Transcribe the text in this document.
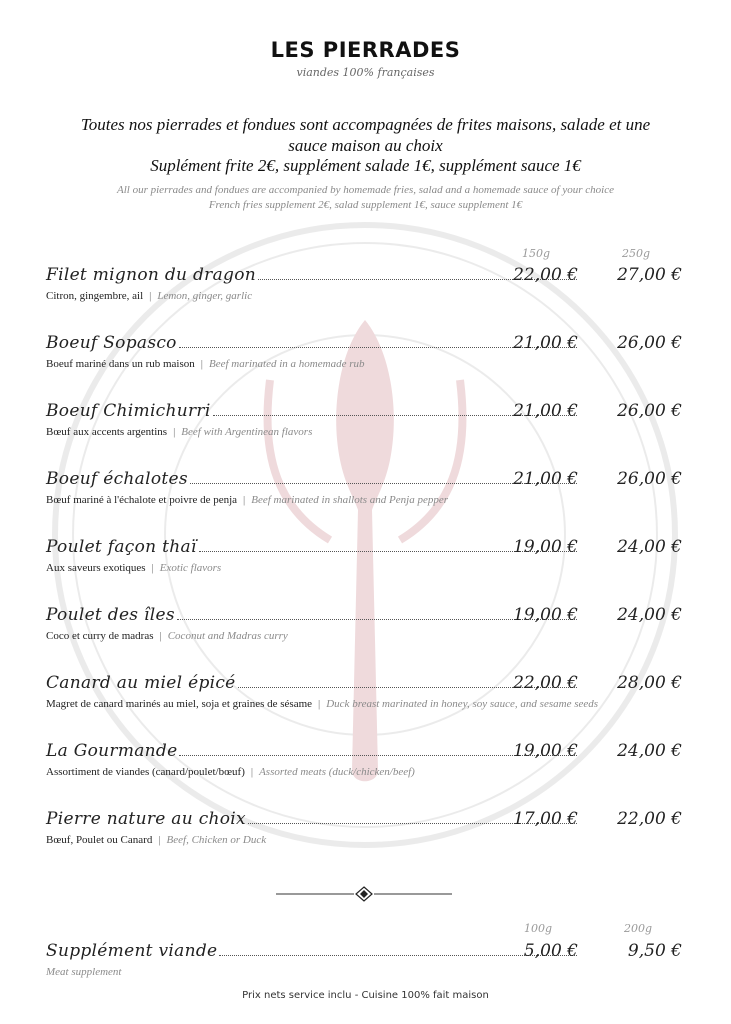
LES PIERRADES
viandes 100% françaises
Toutes nos pierrades et fondues sont accompagnées de frites maisons, salade et une
sauce maison au choix
Suplément frite 2€, supplément salade 1€, supplément sauce 1€
All our pierrades and fondues are accompanied by homemade fries, salad and a homemade sauce of your choice
French fries supplement 2€, salad supplement 1€, sauce supplement 1€
150g	250g
Filet mignon du dragon	22,00 € 27,00 €
Citron, gingembre, ail | Lemon, ginger, garlic
Boeuf Sopasco	21,00 € 26,00 €
Boeuf mariné dans un rub maison | Beef marinated in a homemade rub
Boeuf Chimichurri	21,00 € 26,00 €
Bœuf aux accents argentins | Beef with Argentinean flavors
Boeuf échalotes	21,00 € 26,00 €
Bœuf mariné à l'échalote et poivre de penja | Beef marinated in shallots and Penja pepper
Poulet façon thaï	19,00 € 24,00 €
Aux saveurs exotiques | Exotic flavors
Poulet des îles	19,00 € 24,00 €
Coco et curry de madras | Coconut and Madras curry
Canard au miel épicé	22,00 € 28,00 €
Magret de canard marinés au miel, soja et graines de sésame | Duck breast marinated in honey, soy sauce, and sesame seeds
La Gourmande	19,00 € 24,00 €
Assortiment de viandes (canard/poulet/bœuf) | Assorted meats (duck/chicken/beef)
Pierre nature au choix	17,00 € 22,00 €
Bœuf, Poulet ou Canard | Beef, Chicken or Duck
100g	200g
Supplément viande	5,00 €	9,50 €
Meat supplement
Prix nets service inclu - Cuisine 100% fait maison
